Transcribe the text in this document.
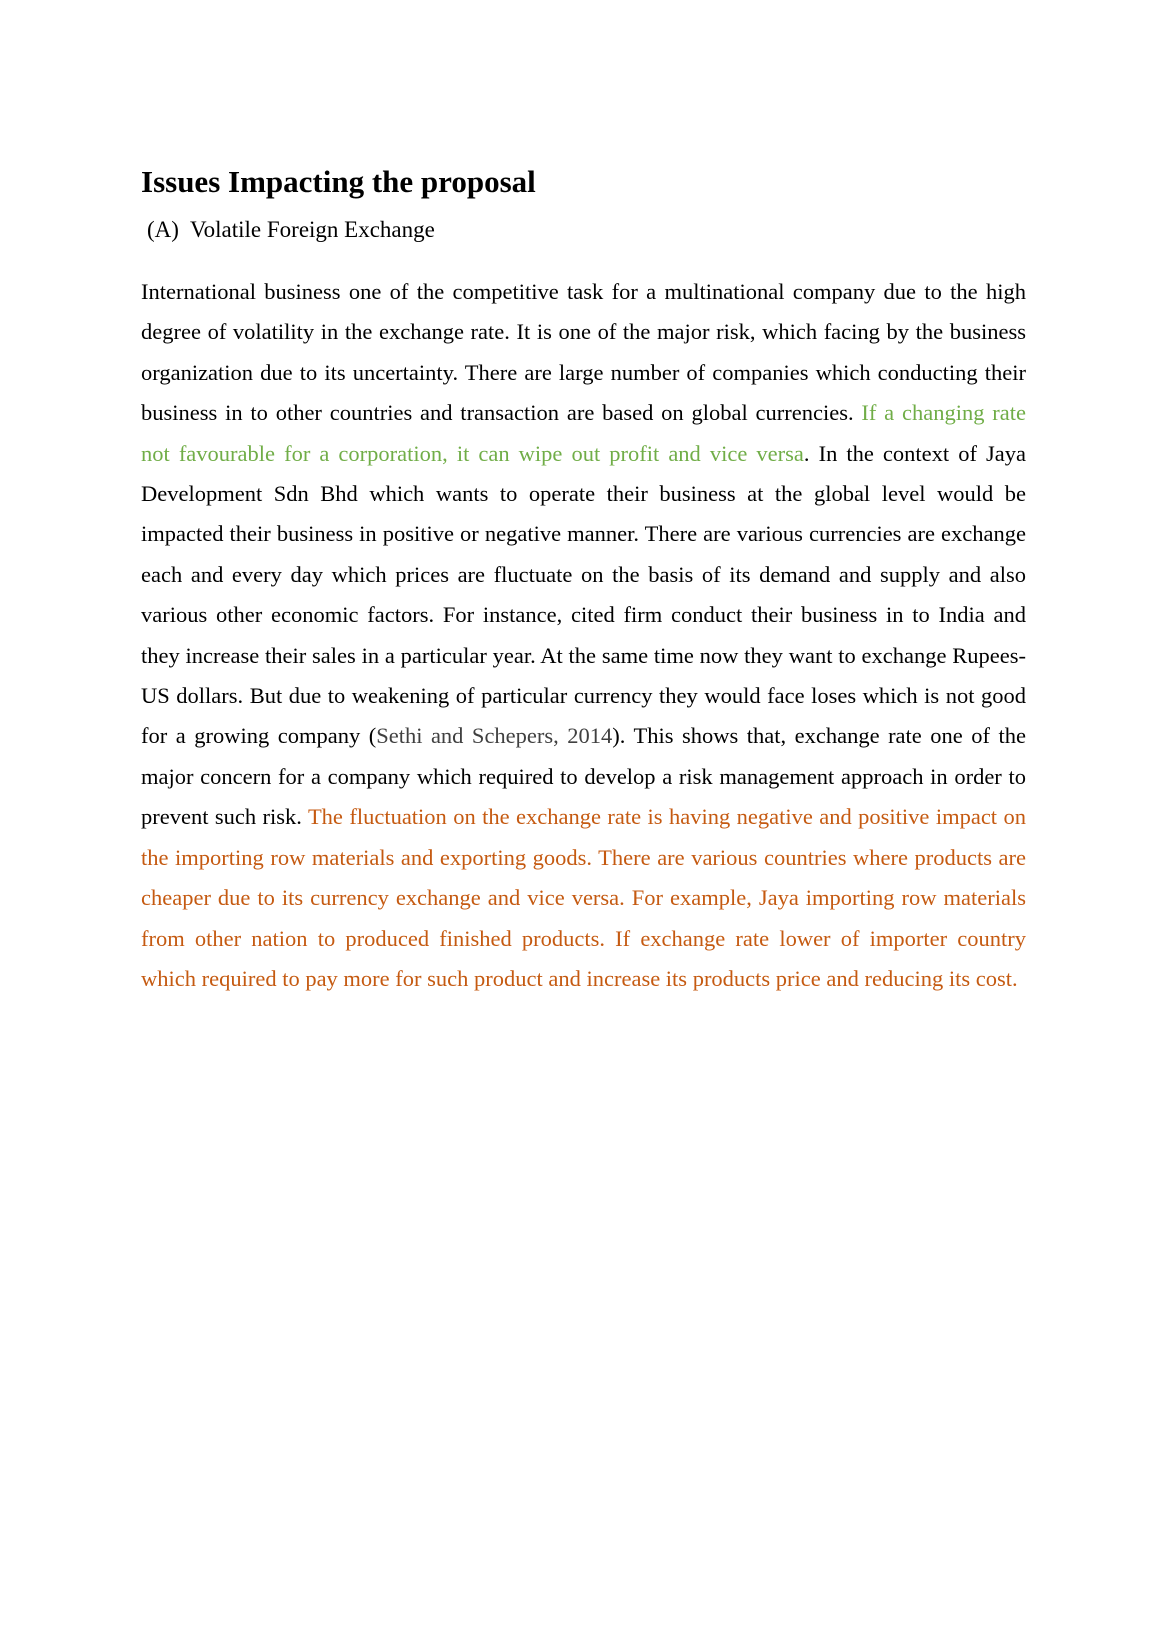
Issues Impacting the proposal

(A) Volatile Foreign Exchange

International business one of the competitive task for a multinational company due to the high degree of volatility in the exchange rate. It is one of the major risk, which facing by the business organization due to its uncertainty. There are large number of companies which conducting their business in to other countries and transaction are based on global currencies. If a changing rate not favourable for a corporation, it can wipe out profit and vice versa. In the context of Jaya Development Sdn Bhd which wants to operate their business at the global level would be impacted their business in positive or negative manner. There are various currencies are exchange each and every day which prices are fluctuate on the basis of its demand and supply and also various other economic factors. For instance, cited firm conduct their business in to India and they increase their sales in a particular year. At the same time now they want to exchange Rupees-US dollars. But due to weakening of particular currency they would face loses which is not good for a growing company (Sethi and Schepers, 2014). This shows that, exchange rate one of the major concern for a company which required to develop a risk management approach in order to prevent such risk. The fluctuation on the exchange rate is having negative and positive impact on the importing row materials and exporting goods. There are various countries where products are cheaper due to its currency exchange and vice versa. For example, Jaya importing row materials from other nation to produced finished products. If exchange rate lower of importer country which required to pay more for such product and increase its products price and reducing its cost.
